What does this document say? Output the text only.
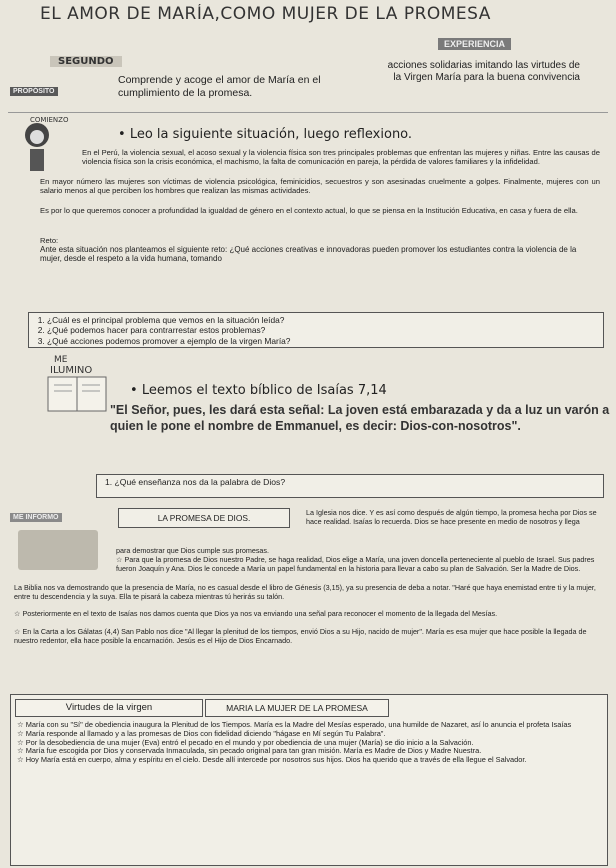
EL AMOR DE MARÍA,COMO MUJER DE LA PROMESA
SEGUNDO
EXPERIENCIA
PROPÓSITO
Comprende y acoge el amor de María en el cumplimiento de la promesa.
acciones solidarias imitando las virtudes de la Virgen María para la buena convivencia
COMIENZO
• Leo la siguiente situación, luego reflexiono.
En el Perú, la violencia sexual, el acoso sexual y la violencia física son tres principales problemas que enfrentan las mujeres y niñas. Entre las causas de violencia física son la crisis económica, el machismo, la falta de comunicación en pareja, la pérdida de valores familiares y la infidelidad.
En mayor número las mujeres son víctimas de violencia psicológica, feminicidios, secuestros y son asesinadas cruelmente a golpes. Finalmente, mujeres con un salario menos al que perciben los hombres que realizan las mismas actividades.
Es por lo que queremos conocer a profundidad la igualdad de género en el contexto actual, lo que se piensa en la Institución Educativa, en casa y fuera de ella.
Reto:
Ante esta situación nos planteamos el siguiente reto: ¿Qué acciones creativas e innovadoras pueden promover los estudiantes contra la violencia de la mujer, desde el respeto a la vida humana, tomando
1. ¿Cuál es el principal problema que vemos en la situación leída?
2. ¿Qué podemos hacer para contrarrestar estos problemas?
3. ¿Qué acciones podemos promover a ejemplo de la virgen María?
ME
ILUMINO
• Leemos el texto bíblico de Isaías 7,14
"El Señor, pues, les dará esta señal: La joven está embarazada y da a luz un varón a quien le pone el nombre de Emmanuel, es decir: Dios-con-nosotros".
1. ¿Qué enseñanza nos da la palabra de Dios?
ME INFORMO	LA PROMESA DE DIOS.
La Iglesia nos dice. Y es así como después de algún tiempo, la promesa hecha por Dios se hace realidad. Isaías lo recuerda. Dios se hace presente en medio de nosotros y llega
para demostrar que Dios cumple sus promesas.
☆ Para que la promesa de Dios nuestro Padre, se haga realidad, Dios elige a María, una joven doncella perteneciente al pueblo de Israel. Sus padres fueron Joaquín y Ana. Dios le concede a María un papel fundamental en la historia para llevar a cabo su plan de Salvación. Ser la Madre de Dios.
La Biblia nos va demostrando que la presencia de María, no es casual desde el libro de Génesis (3,15), ya su presencia de deba a notar. "Haré que haya enemistad entre ti y la mujer, entre tu descendencia y la suya. Ella te pisará la cabeza mientras tú herirás su talón.
☆ Posteriormente en el texto de Isaías nos damos cuenta que Dios ya nos va enviando una señal para reconocer el momento de la llegada del Mesías.
☆ En la Carta a los Gálatas (4,4) San Pablo nos dice "Al llegar la plenitud de los tiempos, envió Dios a su Hijo, nacido de mujer". María es esa mujer que hace posible la llegada de nuestro redentor, ella hace posible la encarnación. Jesús es el Hijo de Dios Encarnado.
Virtudes de la virgen	MARIA LA MUJER DE LA PROMESA
☆ María con su "Sí" de obediencia inaugura la Plenitud de los Tiempos. María es la Madre del Mesías esperado, una humilde de Nazaret, así lo anuncia el profeta Isaías
☆ María responde al llamado y a las promesas de Dios con fidelidad diciendo "hágase en Mí según Tu Palabra".
☆ Por la desobediencia de una mujer (Eva) entró el pecado en el mundo y por obediencia de una mujer (María) se dio inicio a la Salvación.
☆ María fue escogida por Dios y conservada Inmaculada, sin pecado original para tan gran misión. María es Madre de Dios y Madre Nuestra.
☆ Hoy María está en cuerpo, alma y espíritu en el cielo. Desde allí intercede por nosotros sus hijos. Dios ha querido que a través de ella llegue el Salvador.
